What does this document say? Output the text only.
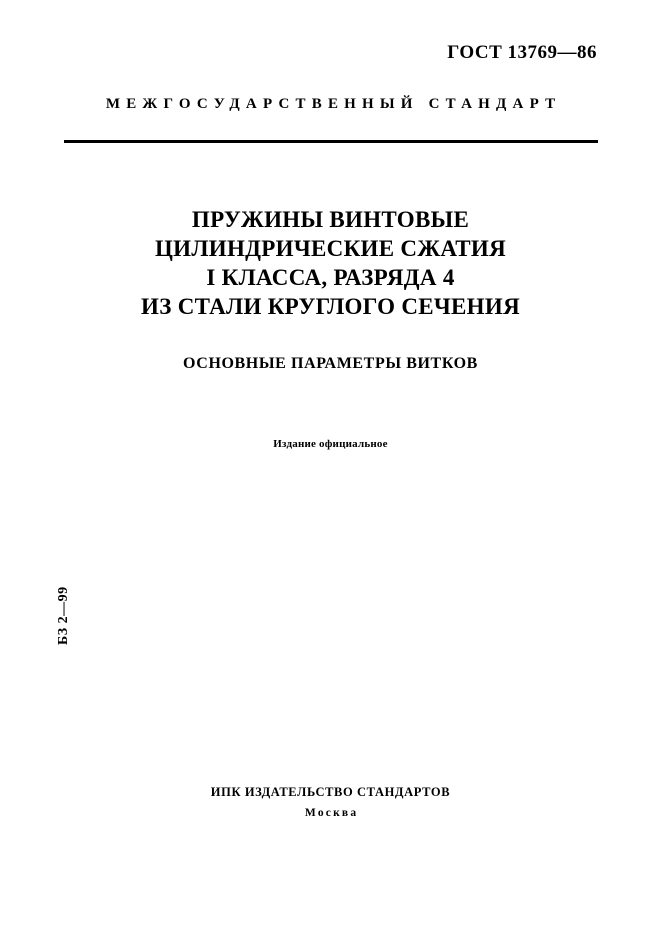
ГОСТ 13769—86
МЕЖГОСУДАРСТВЕННЫЙ СТАНДАРТ
ПРУЖИНЫ ВИНТОВЫЕ
ЦИЛИНДРИЧЕСКИЕ СЖАТИЯ
I КЛАССА, РАЗРЯДА 4
ИЗ СТАЛИ КРУГЛОГО СЕЧЕНИЯ
ОСНОВНЫЕ ПАРАМЕТРЫ ВИТКОВ
Издание официальное
БЗ 2—99
ИПК ИЗДАТЕЛЬСТВО СТАНДАРТОВ
Москва
